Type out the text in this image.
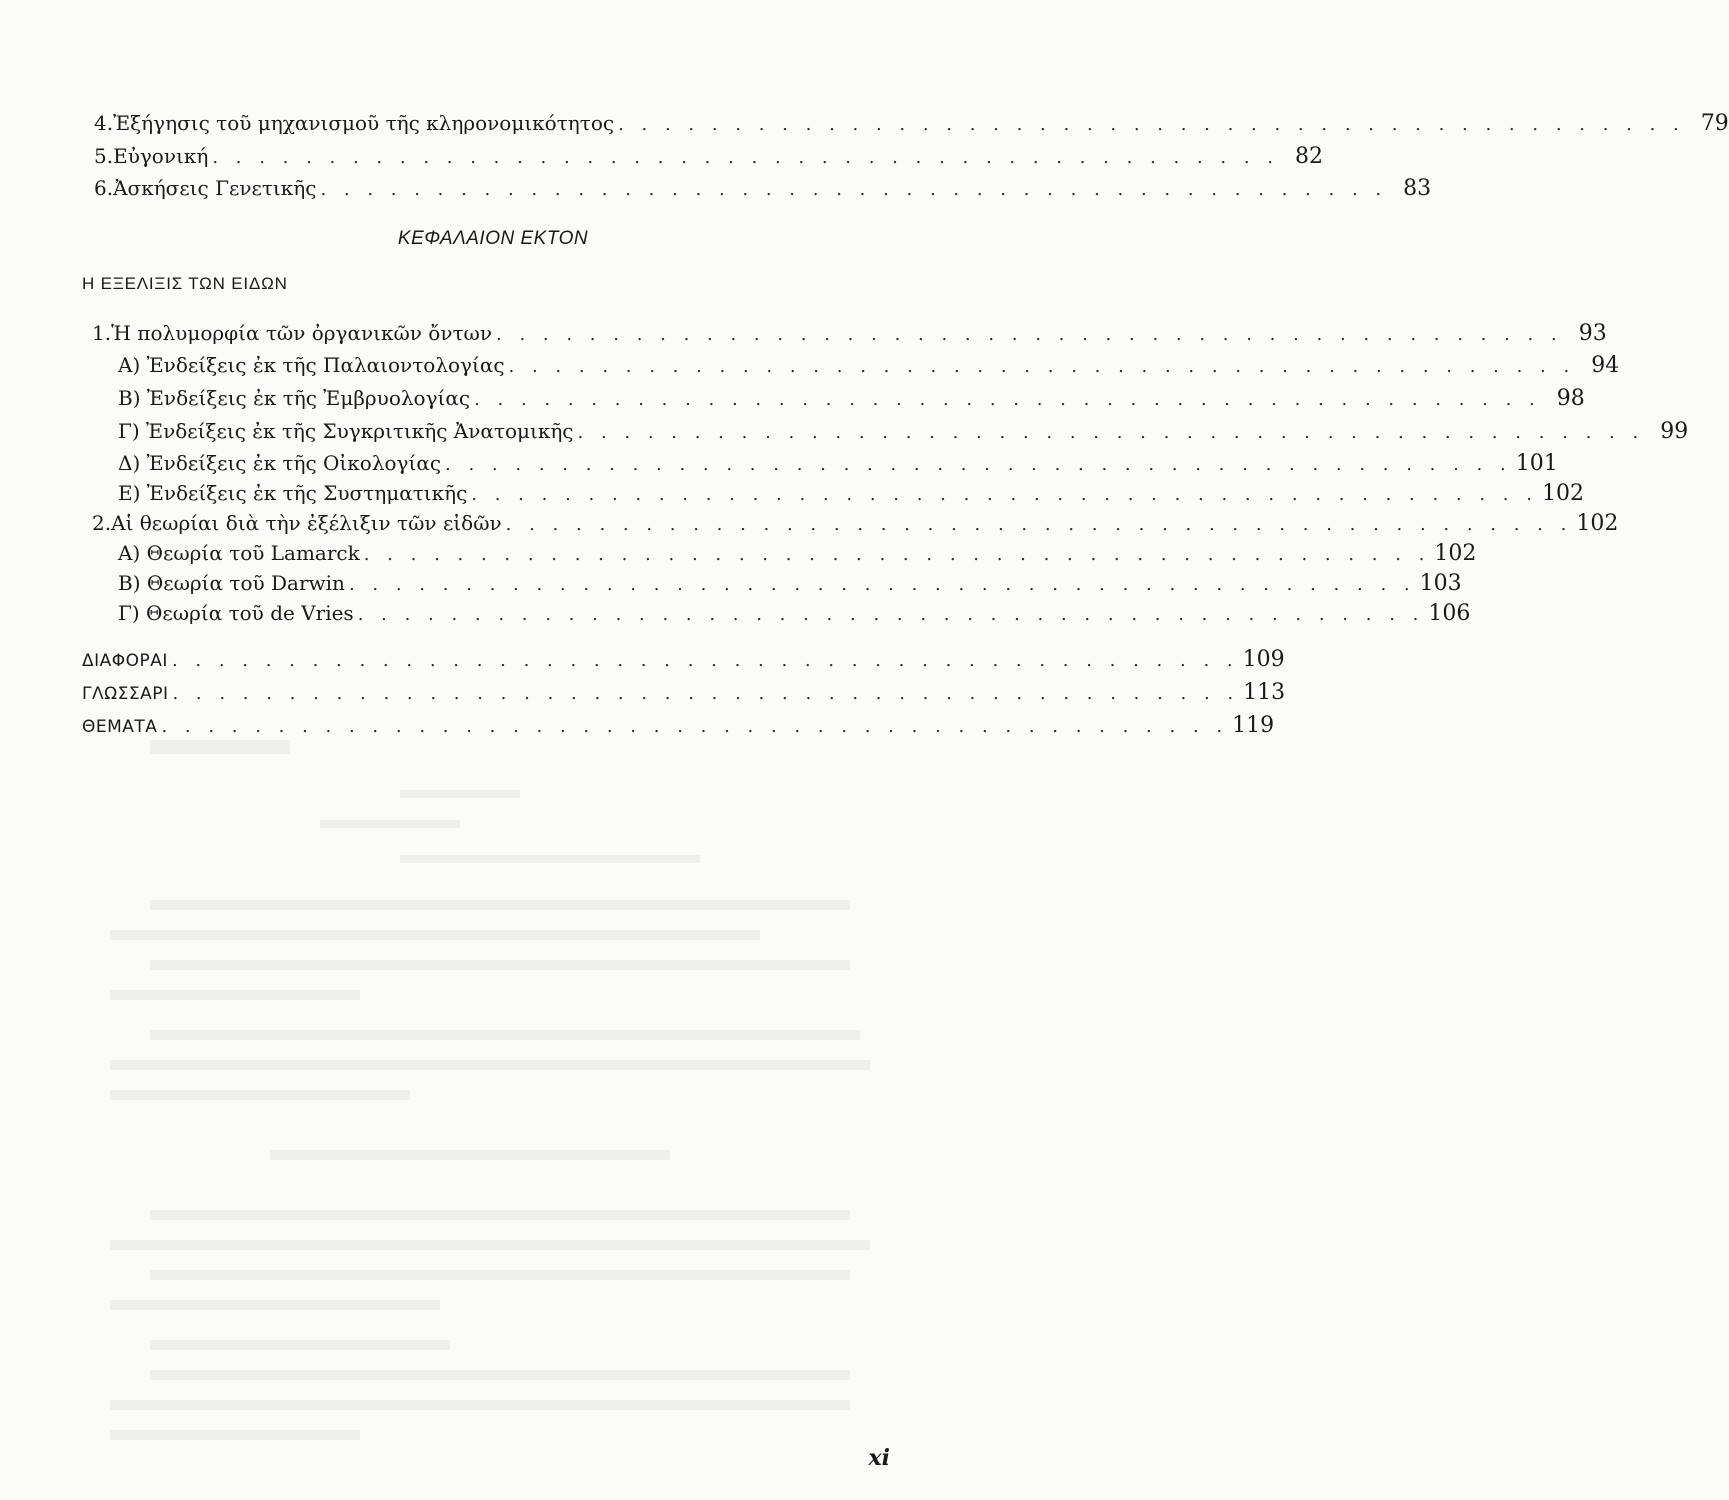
4. Ἐξήγησις τοῦ μηχανισμοῦ τῆς κληρονομικότητος . . . . . . . . . . . . . . . . . . . . . . . . . . . . . . . . . . . . . . . . . . . . . . 79
5. Εὐγονική . . . . . . . . . . . . . . . . . . . . . . . . . . . . . . . . . . . . . . . . . . . . . . 82
6. Ἀσκήσεις Γενετικῆς . . . . . . . . . . . . . . . . . . . . . . . . . . . . . . . . . . . . . . . . . . . . . . 83
ΚΕΦΑΛΑΙΟΝ ΕΚΤΟΝ
Η ΕΞΕΛΙΞΙΣ ΤΩΝ ΕΙΔΩΝ
1. Ἡ πολυμορφία τῶν ὀργανικῶν ὄντων . . . . . . . . . . . . . . . . . . . . . . . . . . . . . . . . . . . . . . . . . . . . . . 93
Α) Ἐνδείξεις ἐκ τῆς Παλαιοντολογίας . . . . . . . . . . . . . . . . . . . . . . . . . . . . . . . . . . . . . . . . . . . . . . 94
Β) Ἐνδείξεις ἐκ τῆς Ἐμβρυολογίας . . . . . . . . . . . . . . . . . . . . . . . . . . . . . . . . . . . . . . . . . . . . . . 98
Γ) Ἐνδείξεις ἐκ τῆς Συγκριτικῆς Ἀνατομικῆς . . . . . . . . . . . . . . . . . . . . . . . . . . . . . . . . . . . . . . . . . . . . . . 99
Δ) Ἐνδείξεις ἐκ τῆς Οἰκολογίας . . . . . . . . . . . . . . . . . . . . . . . . . . . . . . . . . . . . . . . . . . . . . . 101
Ε) Ἐνδείξεις ἐκ τῆς Συστηματικῆς . . . . . . . . . . . . . . . . . . . . . . . . . . . . . . . . . . . . . . . . . . . . . . 102
2. Αἱ θεωρίαι διὰ τὴν ἐξέλιξιν τῶν εἰδῶν . . . . . . . . . . . . . . . . . . . . . . . . . . . . . . . . . . . . . . . . . . . . . . 102
Α) Θεωρία τοῦ Lamarck . . . . . . . . . . . . . . . . . . . . . . . . . . . . . . . . . . . . . . . . . . . . . . 102
Β) Θεωρία τοῦ Darwin . . . . . . . . . . . . . . . . . . . . . . . . . . . . . . . . . . . . . . . . . . . . . . 103
Γ) Θεωρία τοῦ de Vries . . . . . . . . . . . . . . . . . . . . . . . . . . . . . . . . . . . . . . . . . . . . . . 106
ΔΙΑΦΟΡΑΙ . . . . . . . . . . . . . . . . . . . . . . . . . . . . . . . . . . . . . . . . . . . . . . 109
ΓΛΩΣΣΑΡΙ . . . . . . . . . . . . . . . . . . . . . . . . . . . . . . . . . . . . . . . . . . . . . . 113
ΘΕΜΑΤΑ . . . . . . . . . . . . . . . . . . . . . . . . . . . . . . . . . . . . . . . . . . . . . . 119
xi
